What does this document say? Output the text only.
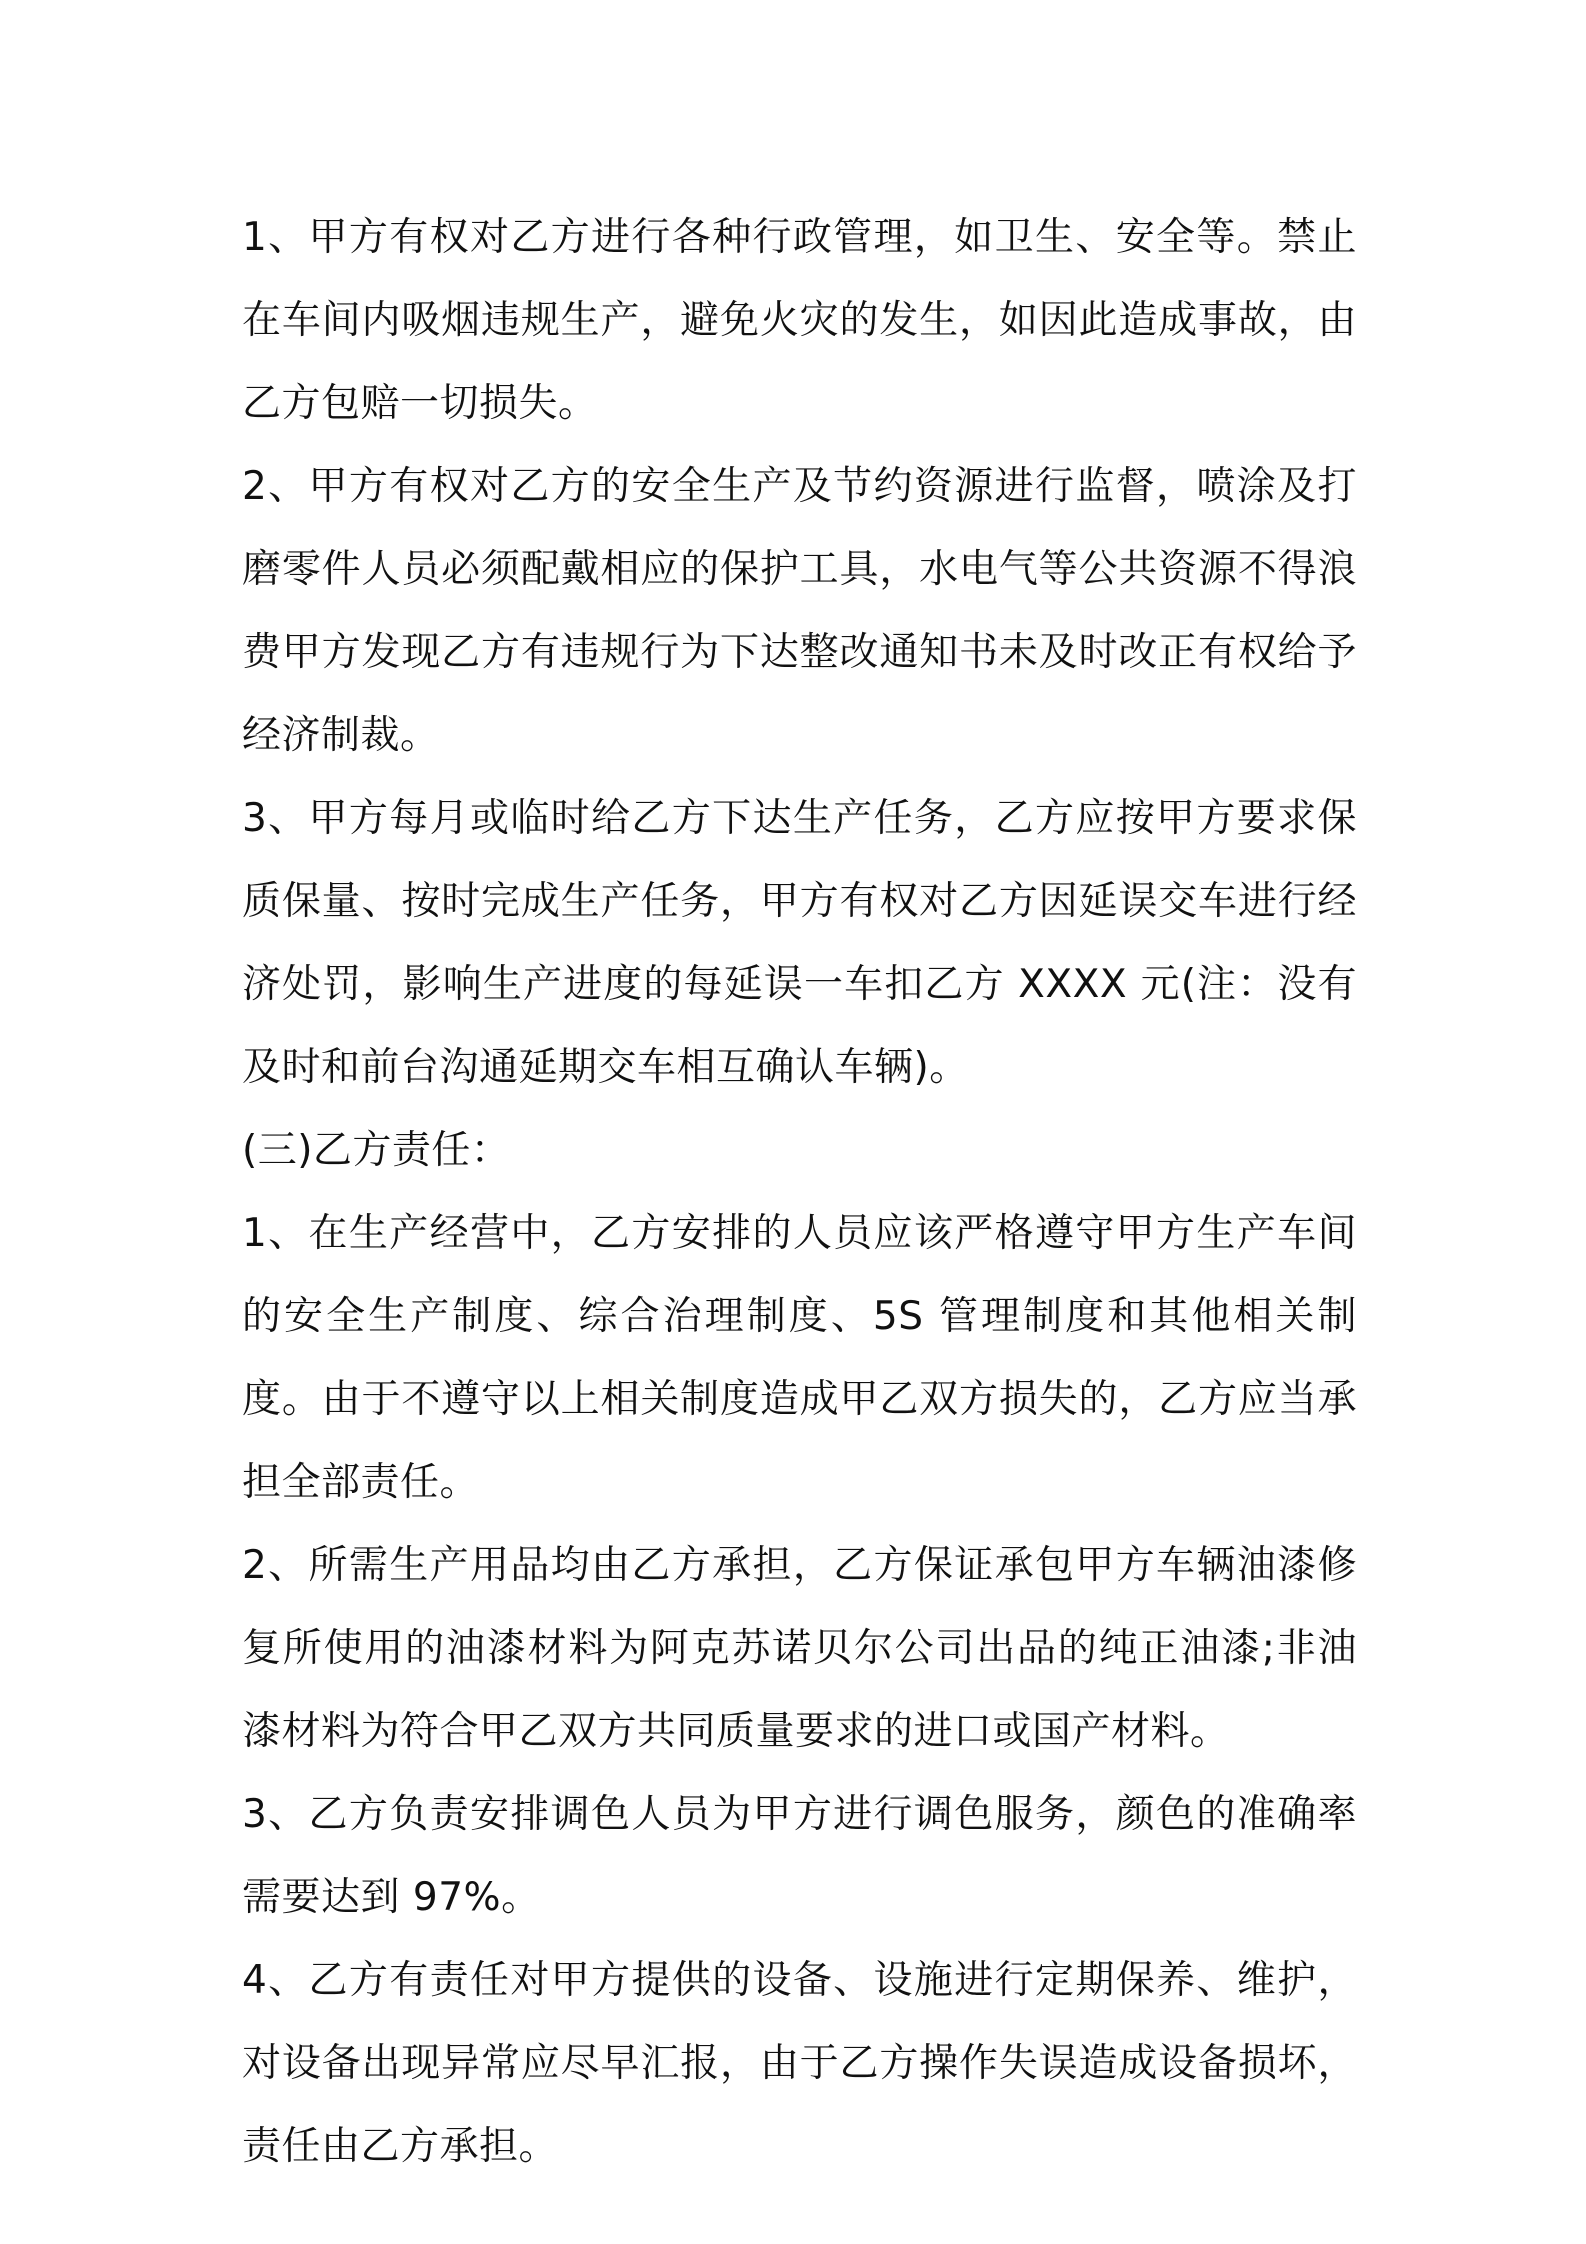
1、甲方有权对乙方进行各种行政管理，如卫生、安全等。禁止在车间内吸烟违规生产，避免火灾的发生，如因此造成事故，由乙方包赔一切损失。

2、甲方有权对乙方的安全生产及节约资源进行监督，喷涂及打磨零件人员必须配戴相应的保护工具，水电气等公共资源不得浪费甲方发现乙方有违规行为下达整改通知书未及时改正有权给予经济制裁。

3、甲方每月或临时给乙方下达生产任务，乙方应按甲方要求保质保量、按时完成生产任务，甲方有权对乙方因延误交车进行经济处罚，影响生产进度的每延误一车扣乙方 XXXX 元(注：没有及时和前台沟通延期交车相互确认车辆)。

(三)乙方责任：

1、在生产经营中，乙方安排的人员应该严格遵守甲方生产车间的安全生产制度、综合治理制度、5S 管理制度和其他相关制度。由于不遵守以上相关制度造成甲乙双方损失的，乙方应当承担全部责任。

2、所需生产用品均由乙方承担，乙方保证承包甲方车辆油漆修复所使用的油漆材料为阿克苏诺贝尔公司出品的纯正油漆;非油漆材料为符合甲乙双方共同质量要求的进口或国产材料。

3、乙方负责安排调色人员为甲方进行调色服务，颜色的准确率需要达到 97%。

4、乙方有责任对甲方提供的设备、设施进行定期保养、维护，对设备出现异常应尽早汇报，由于乙方操作失误造成设备损坏，责任由乙方承担。
